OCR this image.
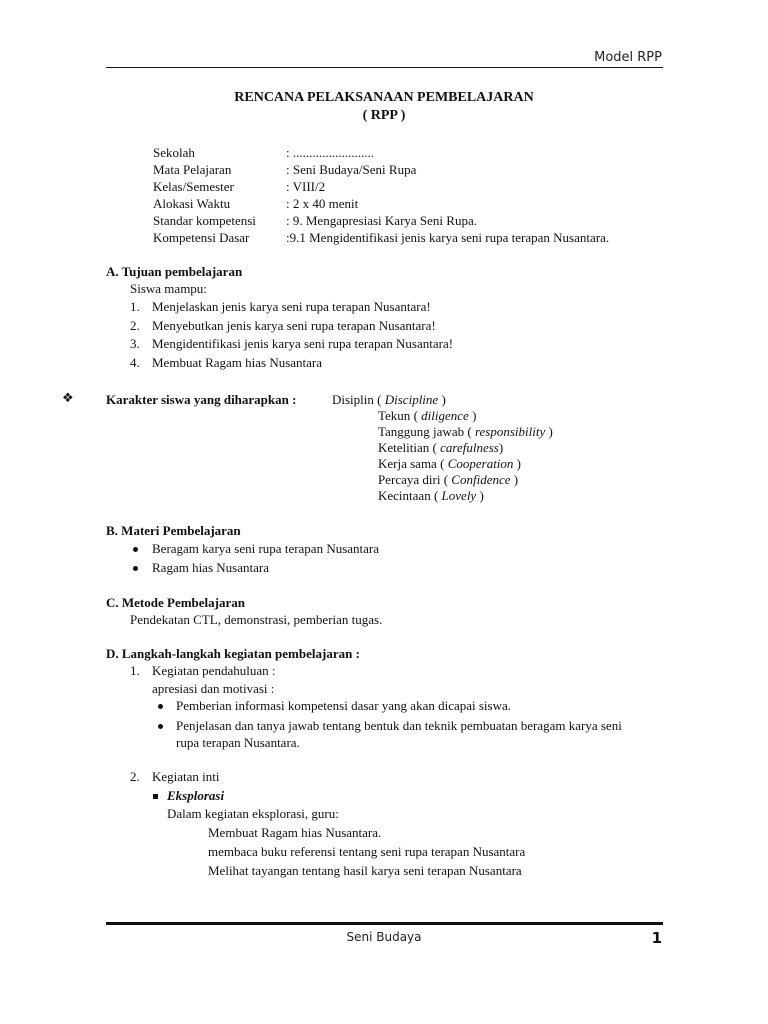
Model RPP
RENCANA PELAKSANAAN PEMBELAJARAN
( RPP )
Sekolah	: .........................
Mata Pelajaran	: Seni Budaya/Seni Rupa
Kelas/Semester	: VIII/2
Alokasi Waktu	: 2 x 40 menit
Standar kompetensi : 9. Mengapresiasi Karya Seni Rupa.
Kompetensi Dasar	:9.1 Mengidentifikasi jenis karya seni rupa terapan Nusantara.
A. Tujuan pembelajaran
Siswa mampu:
1. Menjelaskan jenis karya seni rupa terapan Nusantara!
2. Menyebutkan jenis karya seni rupa terapan Nusantara!
3. Mengidentifikasi jenis karya seni rupa terapan Nusantara!
4. Membuat Ragam hias Nusantara
❖ Karakter siswa yang diharapkan :	Disiplin ( Discipline )
Tekun ( diligence )
Tanggung jawab ( responsibility )
Ketelitian ( carefulness)
Kerja sama ( Cooperation )
Percaya diri ( Confidence )
Kecintaan ( Lovely )
B. Materi Pembelajaran
Beragam karya seni rupa terapan Nusantara
Ragam hias Nusantara
C. Metode Pembelajaran
Pendekatan CTL, demonstrasi, pemberian tugas.
D. Langkah-langkah kegiatan pembelajaran :
1. Kegiatan pendahuluan :
apresiasi dan motivasi :
Pemberian informasi kompetensi dasar yang akan dicapai siswa.
Penjelasan dan tanya jawab tentang bentuk dan teknik pembuatan beragam karya seni
rupa terapan Nusantara.
2. Kegiatan inti
Eksplorasi
Dalam kegiatan eksplorasi, guru:
Membuat Ragam hias Nusantara.
membaca buku referensi tentang seni rupa terapan Nusantara
Melihat tayangan tentang hasil karya seni terapan Nusantara
Seni Budaya	1
